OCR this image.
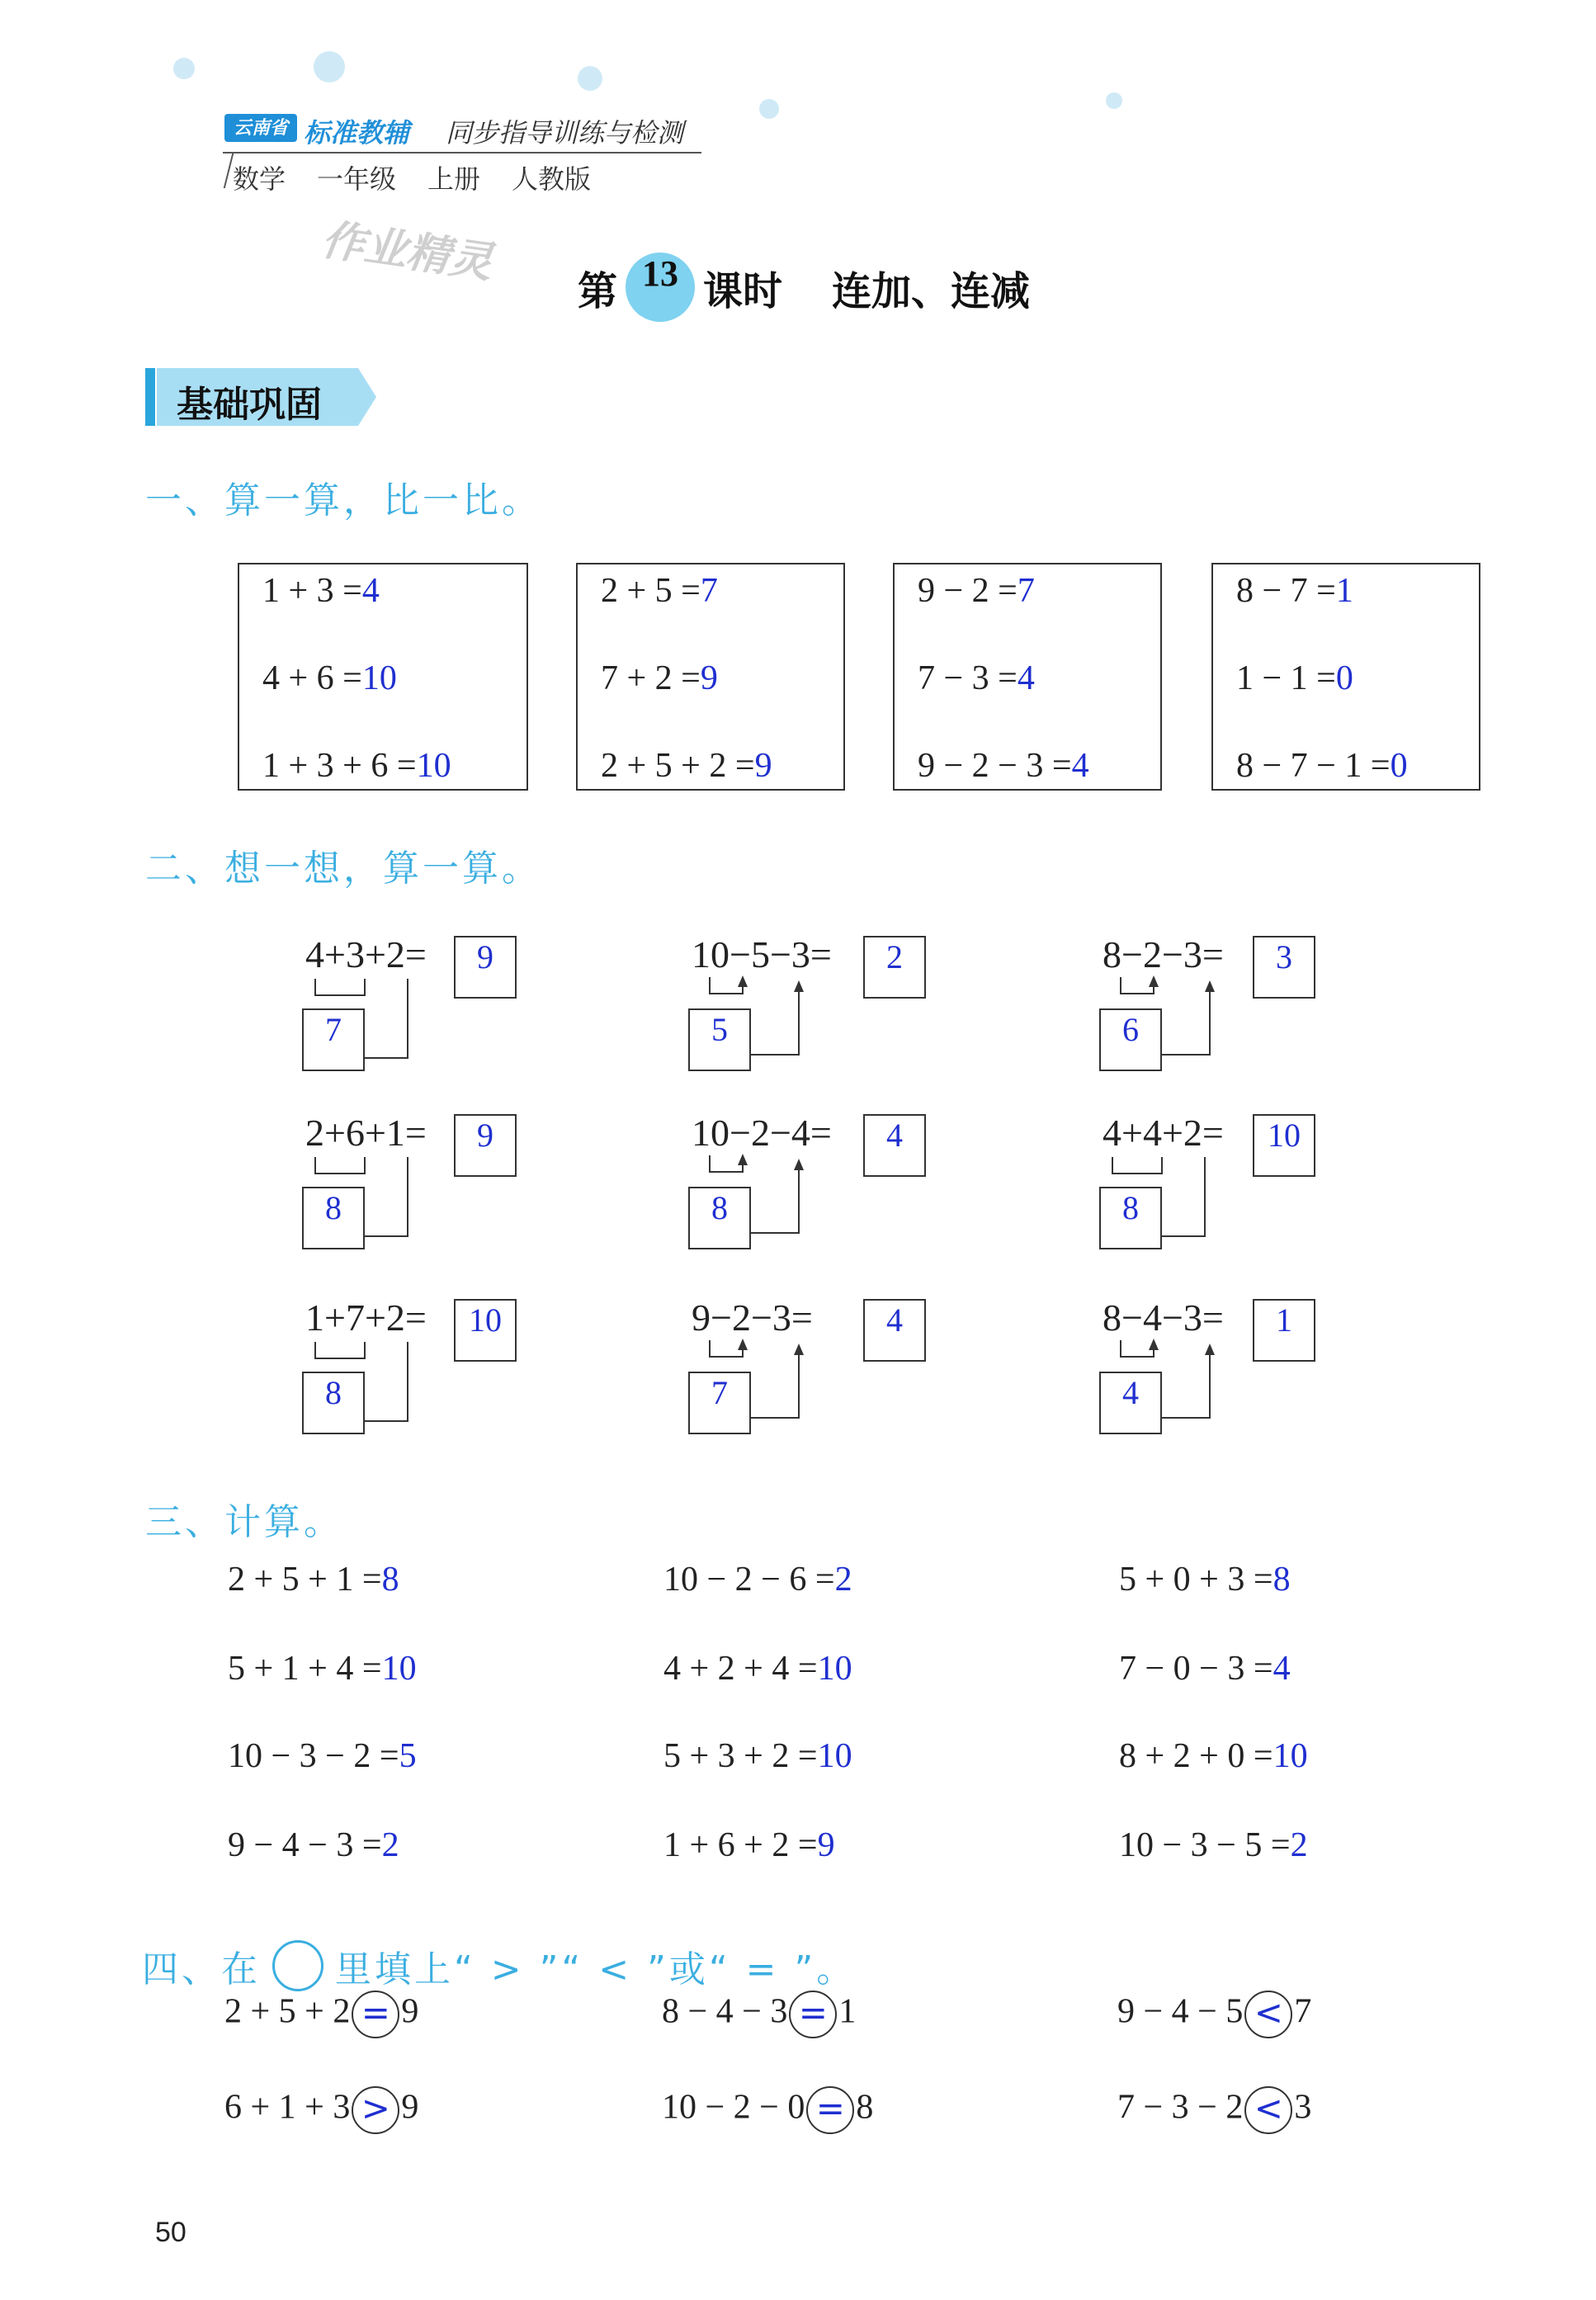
云南省 标准教辅 同步指导训练与检测
数学 一年级 上册 人教版
作业精灵
第 13 课时 连加、连减
基础巩固
一、算一算，比一比。
1 + 3 =4
4 + 6 =10
1 + 3 + 6 =10
2 + 5 =7
7 + 2 =9
2 + 5 + 2 =9
9 − 2 =7
7 − 3 =4
9 − 2 − 3 =4
8 − 7 =1
1 − 1 =0
8 − 7 − 1 =0
二、想一想，算一算。
4+3+2=	9
7
10−5−3=	2
5
8−2−3=	3
6
2+6+1=	9
8
10−2−4=	4
8
4+4+2=	10
8
1+7+2=	10
8
9−2−3=	4
7
8−4−3=	1
4
三、计算。
2 + 5 + 1 =8	10 − 2 − 6 =2	5 + 0 + 3 =8
5 + 1 + 4 =10	4 + 2 + 4 =10	7 − 0 − 3 =4
10 − 3 − 2 =5	5 + 3 + 2 =10	8 + 2 + 0 =10
9 − 4 − 3 =2	1 + 6 + 2 =9	10 − 3 − 5 =2
四、在 里填上“ > ”“ < ”或“ = ”。
2 + 5 + 2 = 9	8 − 4 − 3 = 1	9 − 4 − 5 < 7
6 + 1 + 3 > 9	10 − 2 − 0 = 8	7 − 3 − 2 < 3
50
